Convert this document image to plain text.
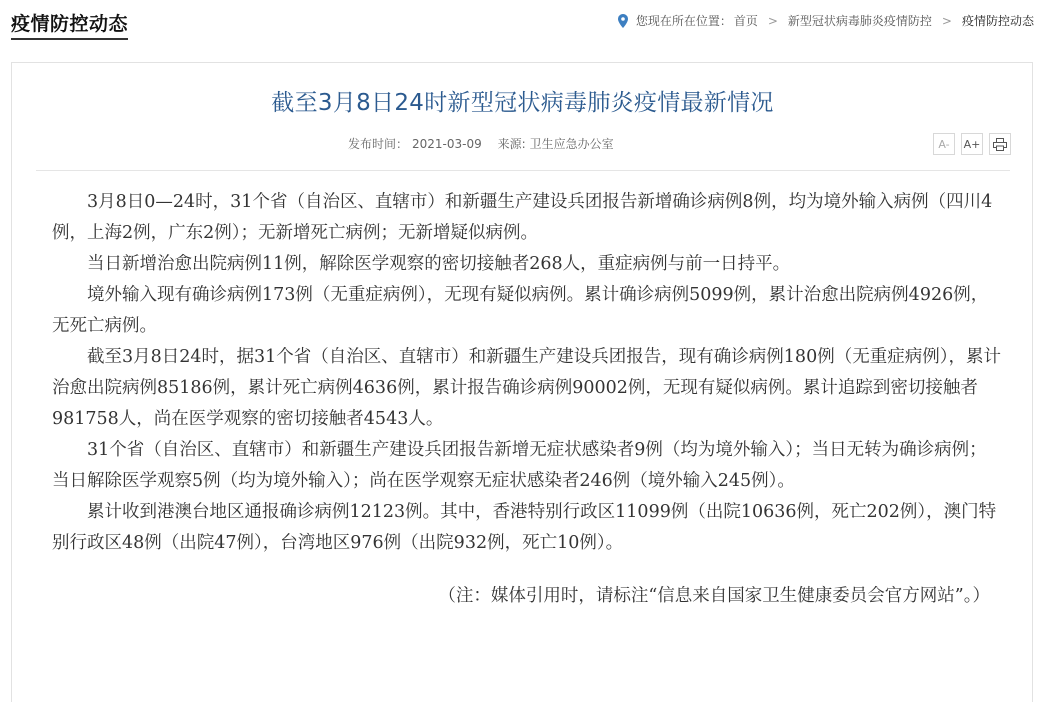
疫情防控动态	您现在所在位置： 首页 > 新型冠状病毒肺炎疫情防控 > 疫情防控动态
截至3月8日24时新型冠状病毒肺炎疫情最新情况
发布时间： 2021-03-09 来源: 卫生应急办公室	A- A+

3月8日0—24时，31个省（自治区、直辖市）和新疆生产建设兵团报告新增确诊病例8例，均为境外输入病例（四川4例，上海2例，广东2例）；无新增死亡病例；无新增疑似病例。

当日新增治愈出院病例11例，解除医学观察的密切接触者268人，重症病例与前一日持平。

境外输入现有确诊病例173例（无重症病例），无现有疑似病例。累计确诊病例5099例，累计治愈出院病例4926例，无死亡病例。

截至3月8日24时，据31个省（自治区、直辖市）和新疆生产建设兵团报告，现有确诊病例180例（无重症病例），累计治愈出院病例85186例，累计死亡病例4636例，累计报告确诊病例90002例，无现有疑似病例。累计追踪到密切接触者981758人，尚在医学观察的密切接触者4543人。

31个省（自治区、直辖市）和新疆生产建设兵团报告新增无症状感染者9例（均为境外输入）；当日无转为确诊病例；当日解除医学观察5例（均为境外输入）；尚在医学观察无症状感染者246例（境外输入245例）。

累计收到港澳台地区通报确诊病例12123例。其中，香港特别行政区11099例（出院10636例，死亡202例），澳门特别行政区48例（出院47例），台湾地区976例（出院932例，死亡10例）。

（注：媒体引用时，请标注“信息来自国家卫生健康委员会官方网站”。）
